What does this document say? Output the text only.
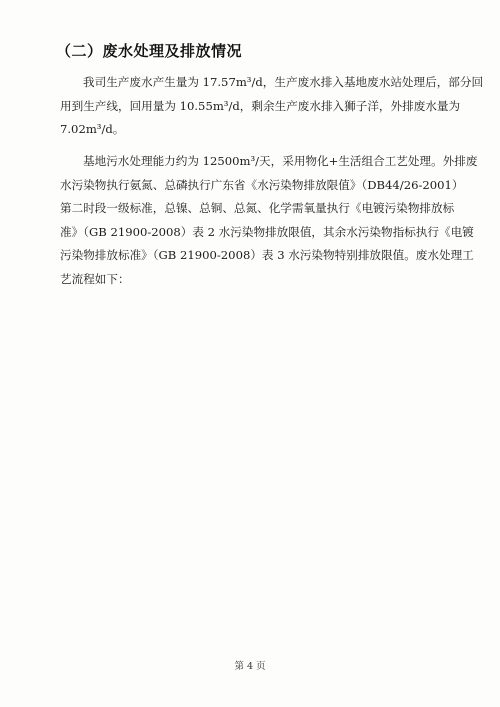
（二）废水处理及排放情况
我司生产废水产生量为 17.57m³/d，生产废水排入基地废水站处理后，部分回
用到生产线，回用量为 10.55m³/d，剩余生产废水排入狮子洋，外排废水量为
7.02m³/d。
基地污水处理能力约为 12500m³/天，采用物化+生活组合工艺处理。外排废
水污染物执行氨氮、总磷执行广东省《水污染物排放限值》（DB44/26-2001）
第二时段一级标准，总镍、总铜、总氮、化学需氧量执行《电镀污染物排放标
准》（GB 21900-2008）表 2 水污染物排放限值，其余水污染物指标执行《电镀
污染物排放标准》（GB 21900-2008）表 3 水污染物特别排放限值。废水处理工
艺流程如下：
第 4 页
